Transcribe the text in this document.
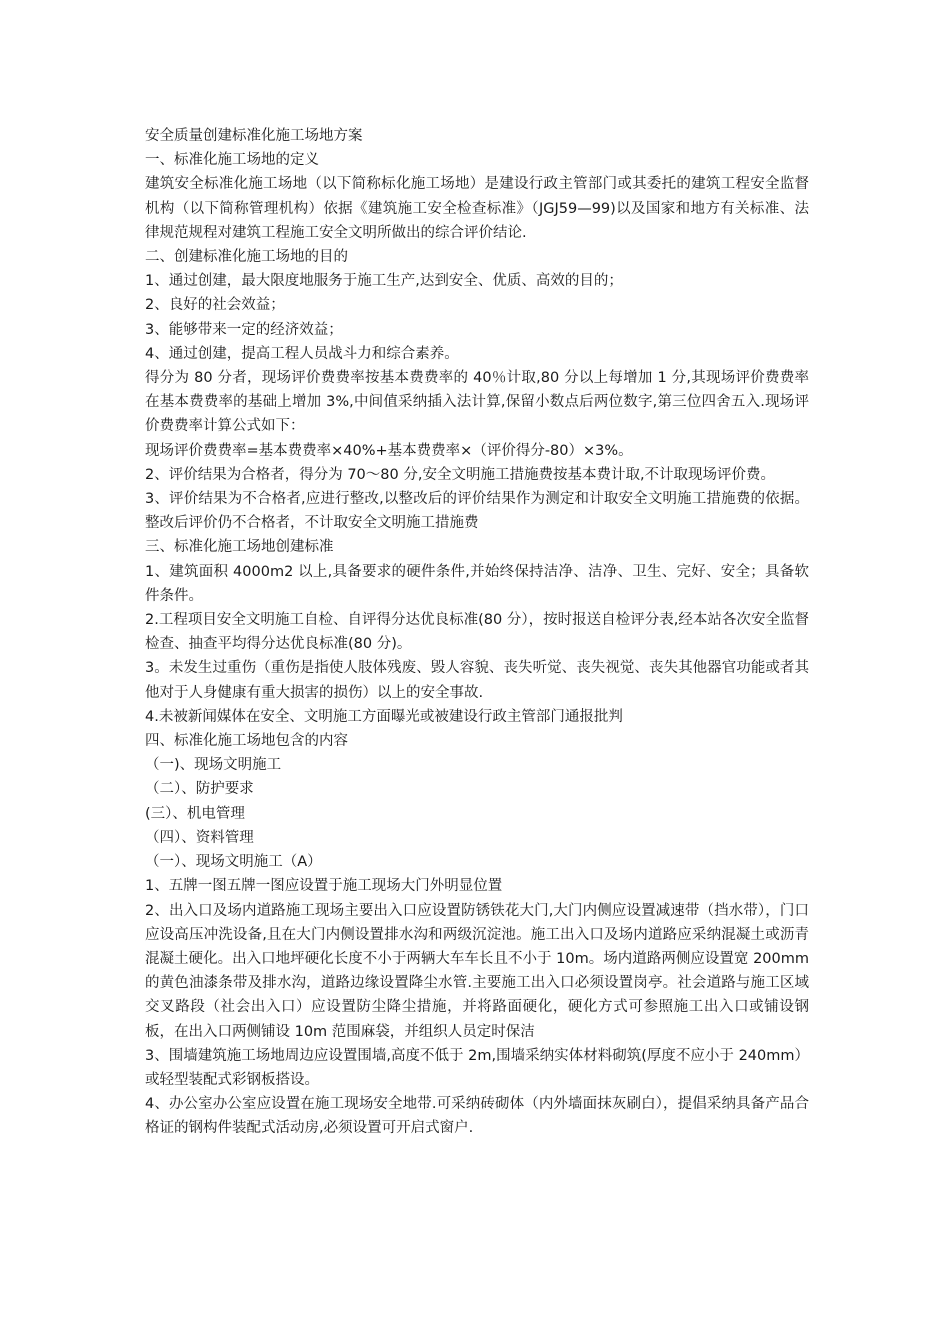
安全质量创建标准化施工场地方案

一、标准化施工场地的定义

建筑安全标准化施工场地（以下简称标化施工场地）是建设行政主管部门或其委托的建筑工程安全监督机构（以下简称管理机构）依据《建筑施工安全检查标准》（JGJ59—99)以及国家和地方有关标准、法律规范规程对建筑工程施工安全文明所做出的综合评价结论.

二、创建标准化施工场地的目的

1、通过创建，最大限度地服务于施工生产,达到安全、优质、高效的目的；

2、良好的社会效益；

3、能够带来一定的经济效益；

4、通过创建，提高工程人员战斗力和综合素养。

得分为 80 分者，现场评价费费率按基本费费率的 40％计取,80 分以上每增加 1 分,其现场评价费费率在基本费费率的基础上增加 3%,中间值采纳插入法计算,保留小数点后两位数字,第三位四舍五入.现场评价费费率计算公式如下：

现场评价费费率=基本费费率×40%+基本费费率×（评价得分-80）×3%。

2、评价结果为合格者，得分为 70～80 分,安全文明施工措施费按基本费计取,不计取现场评价费。

3、评价结果为不合格者,应进行整改,以整改后的评价结果作为测定和计取安全文明施工措施费的依据。整改后评价仍不合格者，不计取安全文明施工措施费

三、标准化施工场地创建标准

1、建筑面积 4000m2 以上,具备要求的硬件条件,并始终保持洁净、洁净、卫生、完好、安全；具备软件条件。

2.工程项目安全文明施工自检、自评得分达优良标准(80 分），按时报送自检评分表,经本站各次安全监督检查、抽查平均得分达优良标准(80 分)。

3。未发生过重伤（重伤是指使人肢体残废、毁人容貌、丧失听觉、丧失视觉、丧失其他器官功能或者其他对于人身健康有重大损害的损伤）以上的安全事故.

4.未被新闻媒体在安全、文明施工方面曝光或被建设行政主管部门通报批判

四、标准化施工场地包含的内容

（一)、现场文明施工

（二）、防护要求

(三）、机电管理

（四）、资料管理

（一）、现场文明施工（A）

1、五牌一图五牌一图应设置于施工现场大门外明显位置

2、出入口及场内道路施工现场主要出入口应设置防锈铁花大门,大门内侧应设置减速带（挡水带），门口应设高压冲洗设备,且在大门内侧设置排水沟和两级沉淀池。施工出入口及场内道路应采纳混凝土或沥青混凝土硬化。出入口地坪硬化长度不小于两辆大车车长且不小于 10m。场内道路两侧应设置宽 200mm 的黄色油漆条带及排水沟，道路边缘设置降尘水管.主要施工出入口必须设置岗亭。社会道路与施工区域交叉路段（社会出入口）应设置防尘降尘措施，并将路面硬化，硬化方式可参照施工出入口或铺设钢板，在出入口两侧铺设 10m 范围麻袋，并组织人员定时保洁

3、围墙建筑施工场地周边应设置围墙,高度不低于 2m,围墙采纳实体材料砌筑(厚度不应小于 240mm）或轻型装配式彩钢板搭设。

4、办公室办公室应设置在施工现场安全地带.可采纳砖砌体（内外墙面抹灰刷白），提倡采纳具备产品合格证的钢构件装配式活动房,必须设置可开启式窗户.
